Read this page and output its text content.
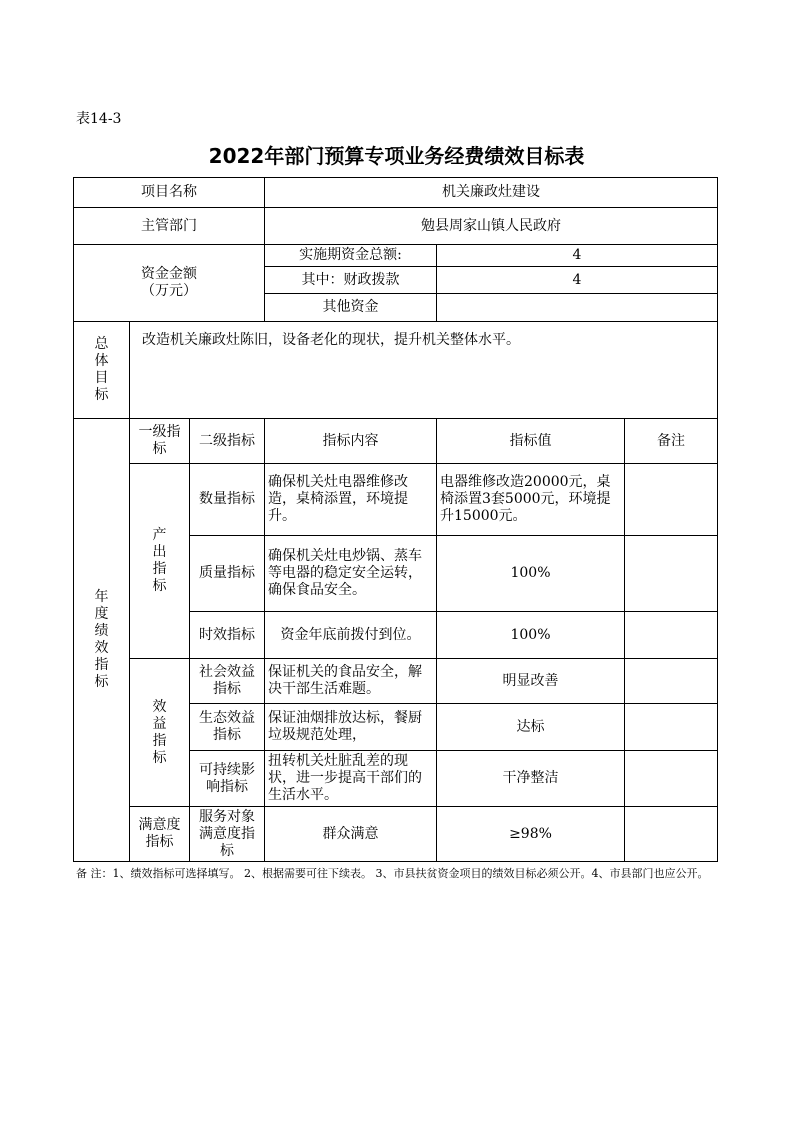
表14-3
2022年部门预算专项业务经费绩效目标表
项目名称			机关廉政灶建设		
主管部门			勉县周家山镇人民政府		

资金金额
（万元）			实施期资金总额:	4	
			其中：财政拨款	4	
			其他资金		
总体目标	改造机关廉政灶陈旧，设备老化的现状，提升机关整体水平。				
年度绩效指标	一级指标	二级指标	指标内容	指标值	备注
	产出指标	数量指标	确保机关灶电器维修改造，桌椅添置，环境提升。	电器维修改造20000元，桌椅添置3套5000元，环境提升15000元。	
		质量指标	确保机关灶电炒锅、蒸车等电器的稳定安全运转，确保食品安全。	100%	
		时效指标	资金年底前拨付到位。	100%	
	效益指标	社会效益指标	保证机关的食品安全，解决干部生活难题。	明显改善	
		生态效益指标	保证油烟排放达标，餐厨垃圾规范处理，	达标	
		可持续影响指标	扭转机关灶脏乱差的现状，进一步提高干部们的生活水平。	干净整洁	
	满意度指标	服务对象满意度指标	群众满意	≥98%	
备 注：1、绩效指标可选择填写。 2、根据需要可往下续表。 3、市县扶贫资金项目的绩效目标必须公开。4、市县部门也应公开。
